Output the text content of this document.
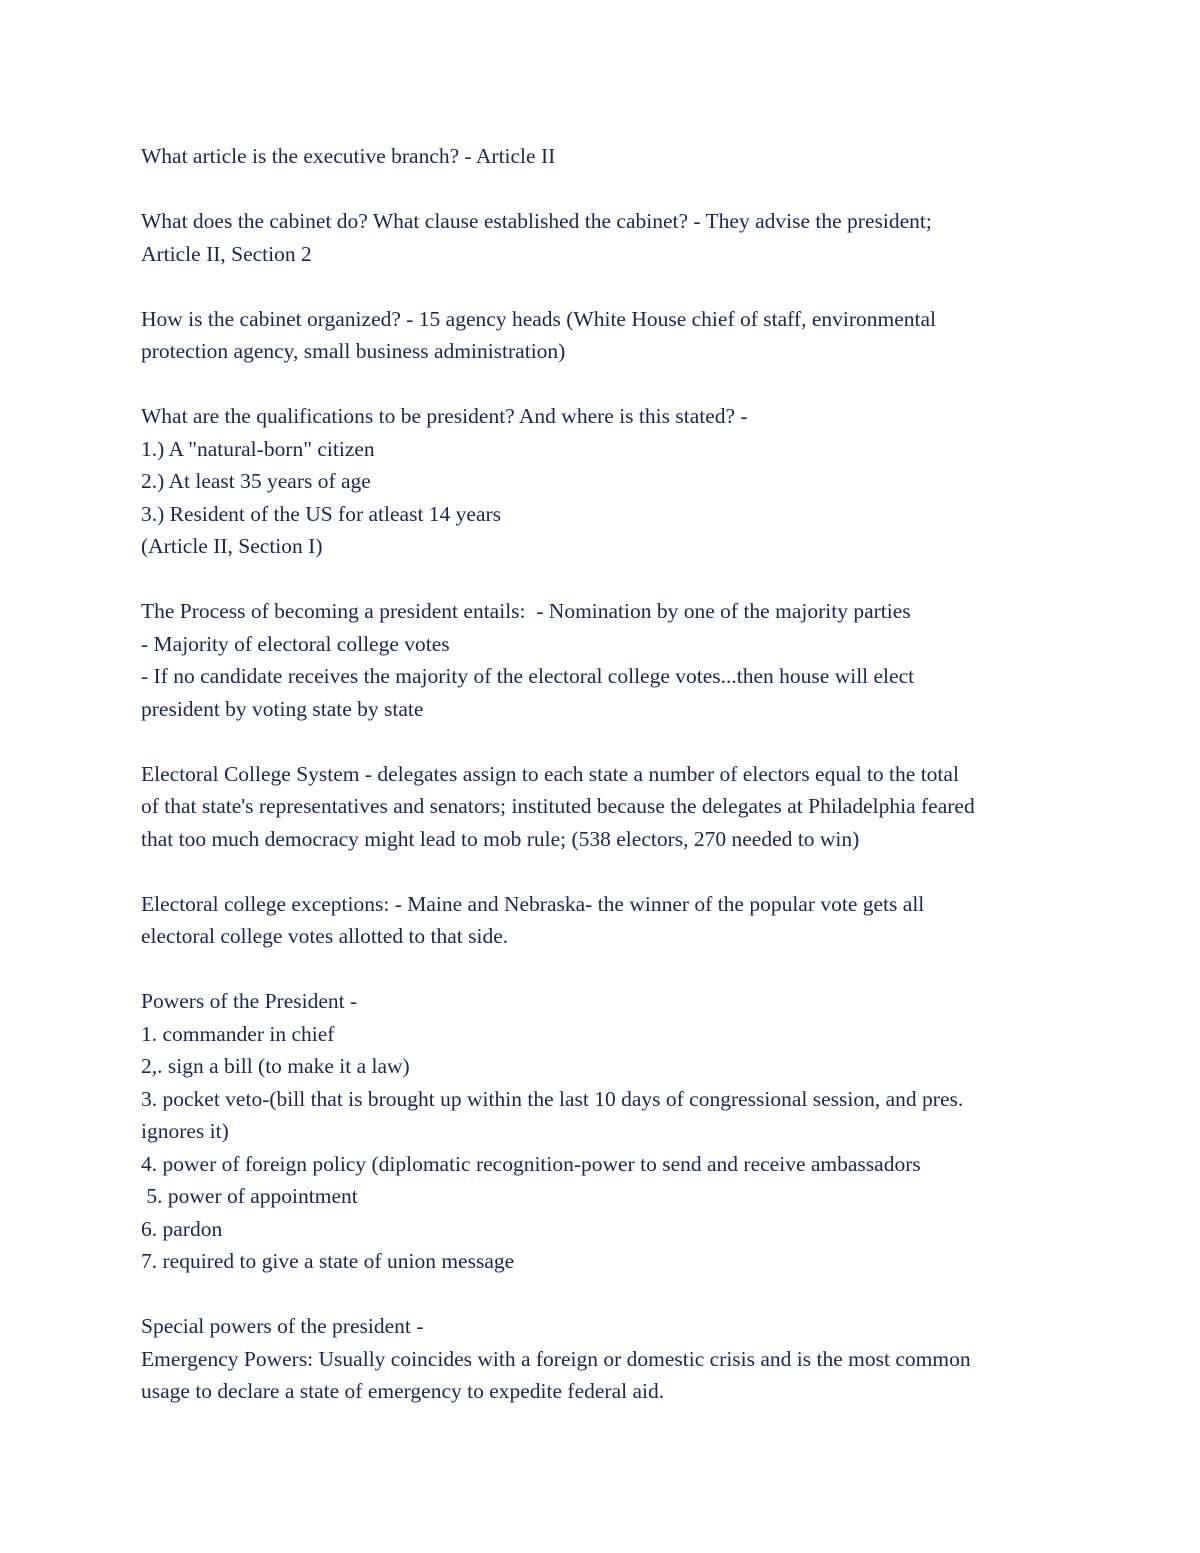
What article is the executive branch? - Article II
What does the cabinet do? What clause established the cabinet? - They advise the president;
Article II, Section 2
How is the cabinet organized? - 15 agency heads (White House chief of staff, environmental
protection agency, small business administration)
What are the qualifications to be president? And where is this stated? -
1.) A "natural-born" citizen
2.) At least 35 years of age
3.) Resident of the US for atleast 14 years
(Article II, Section I)
The Process of becoming a president entails:  - Nomination by one of the majority parties
- Majority of electoral college votes
- If no candidate receives the majority of the electoral college votes...then house will elect
president by voting state by state
Electoral College System - delegates assign to each state a number of electors equal to the total
of that state's representatives and senators; instituted because the delegates at Philadelphia feared
that too much democracy might lead to mob rule; (538 electors, 270 needed to win)
Electoral college exceptions: - Maine and Nebraska- the winner of the popular vote gets all
electoral college votes allotted to that side.
Powers of the President -
1. commander in chief
2,. sign a bill (to make it a law)
3. pocket veto-(bill that is brought up within the last 10 days of congressional session, and pres.
ignores it)
4. power of foreign policy (diplomatic recognition-power to send and receive ambassadors
5. power of appointment
6. pardon
7. required to give a state of union message
Special powers of the president -
Emergency Powers: Usually coincides with a foreign or domestic crisis and is the most common
usage to declare a state of emergency to expedite federal aid.
